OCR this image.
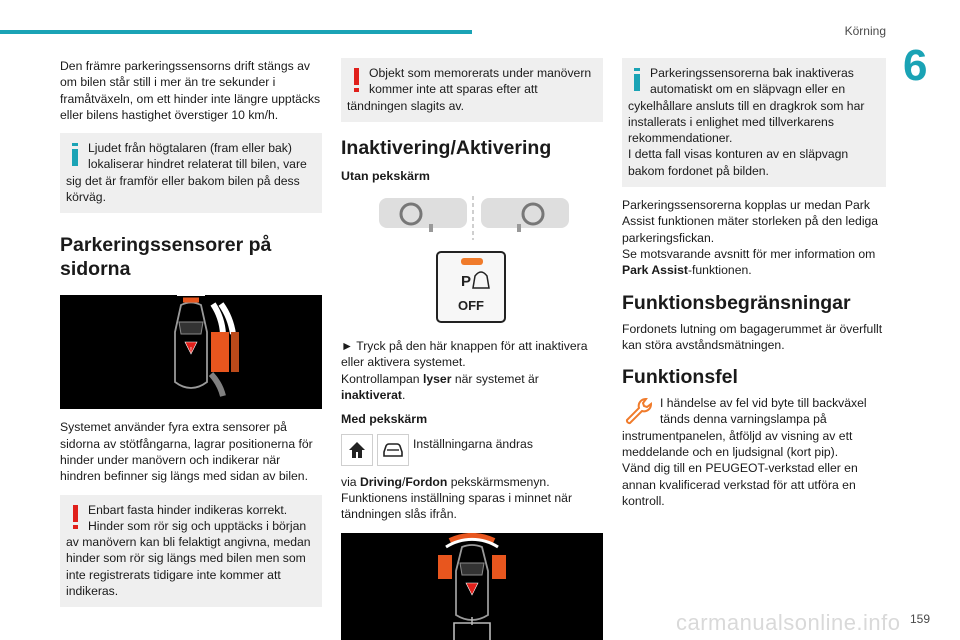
Körning
6

Den främre parkeringssensorns drift stängs av om bilen står still i mer än tre sekunder i framåtväxeln, om ett hinder inte längre upptäcks eller bilens hastighet överstiger 10 km/h.

Ljudet från högtalaren (fram eller bak) lokaliserar hindret relaterat till bilen, vare sig det är framför eller bakom bilen på dess körväg.
Parkeringssensorer på sidorna
!

Systemet använder fyra extra sensorer på sidorna av stötfångarna, lagrar positionerna för hinder under manövern och indikerar när hindren befinner sig längs med sidan av bilen.

Enbart fasta hinder indikeras korrekt. Hinder som rör sig och upptäcks i början av manövern kan bli felaktigt angivna, medan hinder som rör sig längs med bilen men som inte registrerats tidigare inte kommer att indikeras.
Objekt som memorerats under manövern kommer inte att sparas efter att tändningen slagits av.
Inaktivering/Aktivering
Utan pekskärm
P
OFF

► Tryck på den här knappen för att inaktivera eller aktivera systemet.

Kontrollampan lyser när systemet är inaktiverat.

Med pekskärm
Inställningarna ändras

via Driving/Fordon pekskärmsmenyn.

Funktionens inställning sparas i minnet när tändningen slås ifrån.

Parkeringssensorerna bak inaktiveras automatiskt om en släpvagn eller en cykelhållare ansluts till en dragkrok som har installerats i enlighet med tillverkarens rekommendationer.
I detta fall visas konturen av en släpvagn bakom fordonet på bilden.

Parkeringssensorerna kopplas ur medan Park Assist funktionen mäter storleken på den lediga parkeringsfickan.

Se motsvarande avsnitt för mer information om Park Assist-funktionen.

Funktionsbegränsningar

Fordonets lutning om bagagerummet är överfullt kan störa avståndsmätningen.

Funktionsfel

I händelse av fel vid byte till backväxel tänds denna varningslampa på instrumentpanelen, åtföljd av visning av ett meddelande och en ljudsignal (kort pip).

Vänd dig till en PEUGEOT-verkstad eller en annan kvalificerad verkstad för att utföra en kontroll.

carmanualsonline.info 159
